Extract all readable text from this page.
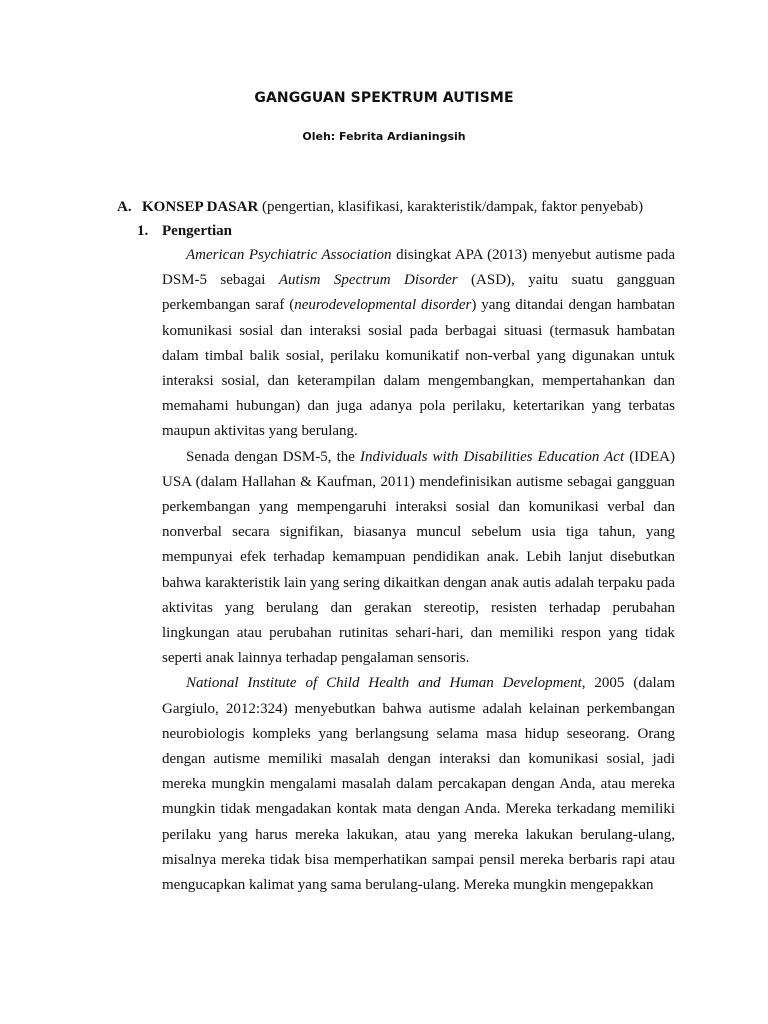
GANGGUAN SPEKTRUM AUTISME
Oleh: Febrita Ardianingsih
A. KONSEP DASAR (pengertian, klasifikasi, karakteristik/dampak, faktor penyebab)
1. Pengertian

American Psychiatric Association disingkat APA (2013) menyebut autisme pada DSM-5 sebagai Autism Spectrum Disorder (ASD), yaitu suatu gangguan perkembangan saraf (neurodevelopmental disorder) yang ditandai dengan hambatan komunikasi sosial dan interaksi sosial pada berbagai situasi (termasuk hambatan dalam timbal balik sosial, perilaku komunikatif non-verbal yang digunakan untuk interaksi sosial, dan keterampilan dalam mengembangkan, mempertahankan dan memahami hubungan) dan juga adanya pola perilaku, ketertarikan yang terbatas maupun aktivitas yang berulang.

Senada dengan DSM-5, the Individuals with Disabilities Education Act (IDEA) USA (dalam Hallahan & Kaufman, 2011) mendefinisikan autisme sebagai gangguan perkembangan yang mempengaruhi interaksi sosial dan komunikasi verbal dan nonverbal secara signifikan, biasanya muncul sebelum usia tiga tahun, yang mempunyai efek terhadap kemampuan pendidikan anak. Lebih lanjut disebutkan bahwa karakteristik lain yang sering dikaitkan dengan anak autis adalah terpaku pada aktivitas yang berulang dan gerakan stereotip, resisten terhadap perubahan lingkungan atau perubahan rutinitas sehari-hari, dan memiliki respon yang tidak seperti anak lainnya terhadap pengalaman sensoris.

National Institute of Child Health and Human Development, 2005 (dalam Gargiulo, 2012:324) menyebutkan bahwa autisme adalah kelainan perkembangan neurobiologis kompleks yang berlangsung selama masa hidup seseorang. Orang dengan autisme memiliki masalah dengan interaksi dan komunikasi sosial, jadi mereka mungkin mengalami masalah dalam percakapan dengan Anda, atau mereka mungkin tidak mengadakan kontak mata dengan Anda. Mereka terkadang memiliki perilaku yang harus mereka lakukan, atau yang mereka lakukan berulang-ulang, misalnya mereka tidak bisa memperhatikan sampai pensil mereka berbaris rapi atau mengucapkan kalimat yang sama berulang-ulang. Mereka mungkin mengepakkan
